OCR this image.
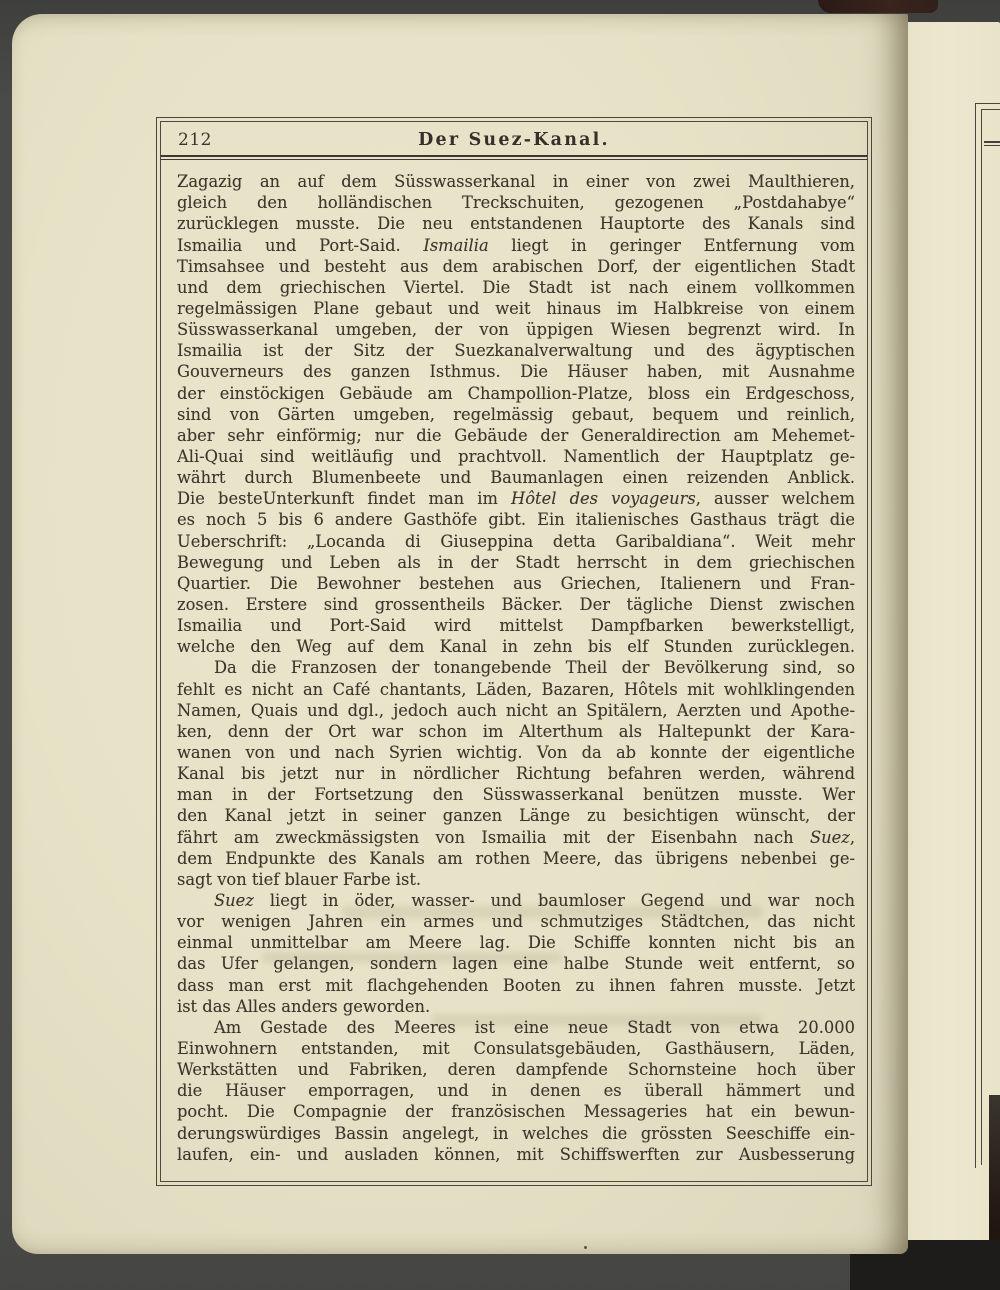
212	Der Suez-Kanal.
Zagazig an auf dem Süsswasserkanal in einer von zwei Maulthieren,
gleich den holländischen Treckschuiten, gezogenen „Postdahabye“
zurücklegen musste. Die neu entstandenen Hauptorte des Kanals sind
Ismailia und Port-Said. Ismailia liegt in geringer Entfernung vom
Timsahsee und besteht aus dem arabischen Dorf, der eigentlichen Stadt
und dem griechischen Viertel. Die Stadt ist nach einem vollkommen
regelmässigen Plane gebaut und weit hinaus im Halbkreise von einem
Süsswasserkanal umgeben, der von üppigen Wiesen begrenzt wird. In
Ismailia ist der Sitz der Suezkanalverwaltung und des ägyptischen
Gouverneurs des ganzen Isthmus. Die Häuser haben, mit Ausnahme
der einstöckigen Gebäude am Champollion-Platze, bloss ein Erdgeschoss,
sind von Gärten umgeben, regelmässig gebaut, bequem und reinlich,
aber sehr einförmig; nur die Gebäude der Generaldirection am Mehemet-
Ali-Quai sind weitläufig und prachtvoll. Namentlich der Hauptplatz ge-
währt durch Blumenbeete und Baumanlagen einen reizenden Anblick.
Die besteUnterkunft findet man im Hôtel des voyageurs, ausser welchem
es noch 5 bis 6 andere Gasthöfe gibt. Ein italienisches Gasthaus trägt die
Ueberschrift: „Locanda di Giuseppina detta Garibaldiana“. Weit mehr
Bewegung und Leben als in der Stadt herrscht in dem griechischen
Quartier. Die Bewohner bestehen aus Griechen, Italienern und Fran-
zosen. Erstere sind grossentheils Bäcker. Der tägliche Dienst zwischen
Ismailia und Port-Said wird mittelst Dampfbarken bewerkstelligt,
welche den Weg auf dem Kanal in zehn bis elf Stunden zurücklegen.
Da die Franzosen der tonangebende Theil der Bevölkerung sind, so
fehlt es nicht an Café chantants, Läden, Bazaren, Hôtels mit wohlklingenden
Namen, Quais und dgl., jedoch auch nicht an Spitälern, Aerzten und Apothe-
ken, denn der Ort war schon im Alterthum als Haltepunkt der Kara-
wanen von und nach Syrien wichtig. Von da ab konnte der eigentliche
Kanal bis jetzt nur in nördlicher Richtung befahren werden, während
man in der Fortsetzung den Süsswasserkanal benützen musste. Wer
den Kanal jetzt in seiner ganzen Länge zu besichtigen wünscht, der
fährt am zweckmässigsten von Ismailia mit der Eisenbahn nach Suez,
dem Endpunkte des Kanals am rothen Meere, das übrigens nebenbei ge-
sagt von tief blauer Farbe ist.
Suez liegt in öder, wasser- und baumloser Gegend und war noch
vor wenigen Jahren ein armes und schmutziges Städtchen, das nicht
einmal unmittelbar am Meere lag. Die Schiffe konnten nicht bis an
das Ufer gelangen, sondern lagen eine halbe Stunde weit entfernt, so
dass man erst mit flachgehenden Booten zu ihnen fahren musste. Jetzt
ist das Alles anders geworden.
Am Gestade des Meeres ist eine neue Stadt von etwa 20.000
Einwohnern entstanden, mit Consulatsgebäuden, Gasthäusern, Läden,
Werkstätten und Fabriken, deren dampfende Schornsteine hoch über
die Häuser emporragen, und in denen es überall hämmert und
pocht. Die Compagnie der französischen Messageries hat ein bewun-
derungswürdiges Bassin angelegt, in welches die grössten Seeschiffe ein-
laufen, ein- und ausladen können, mit Schiffswerften zur Ausbesserung
